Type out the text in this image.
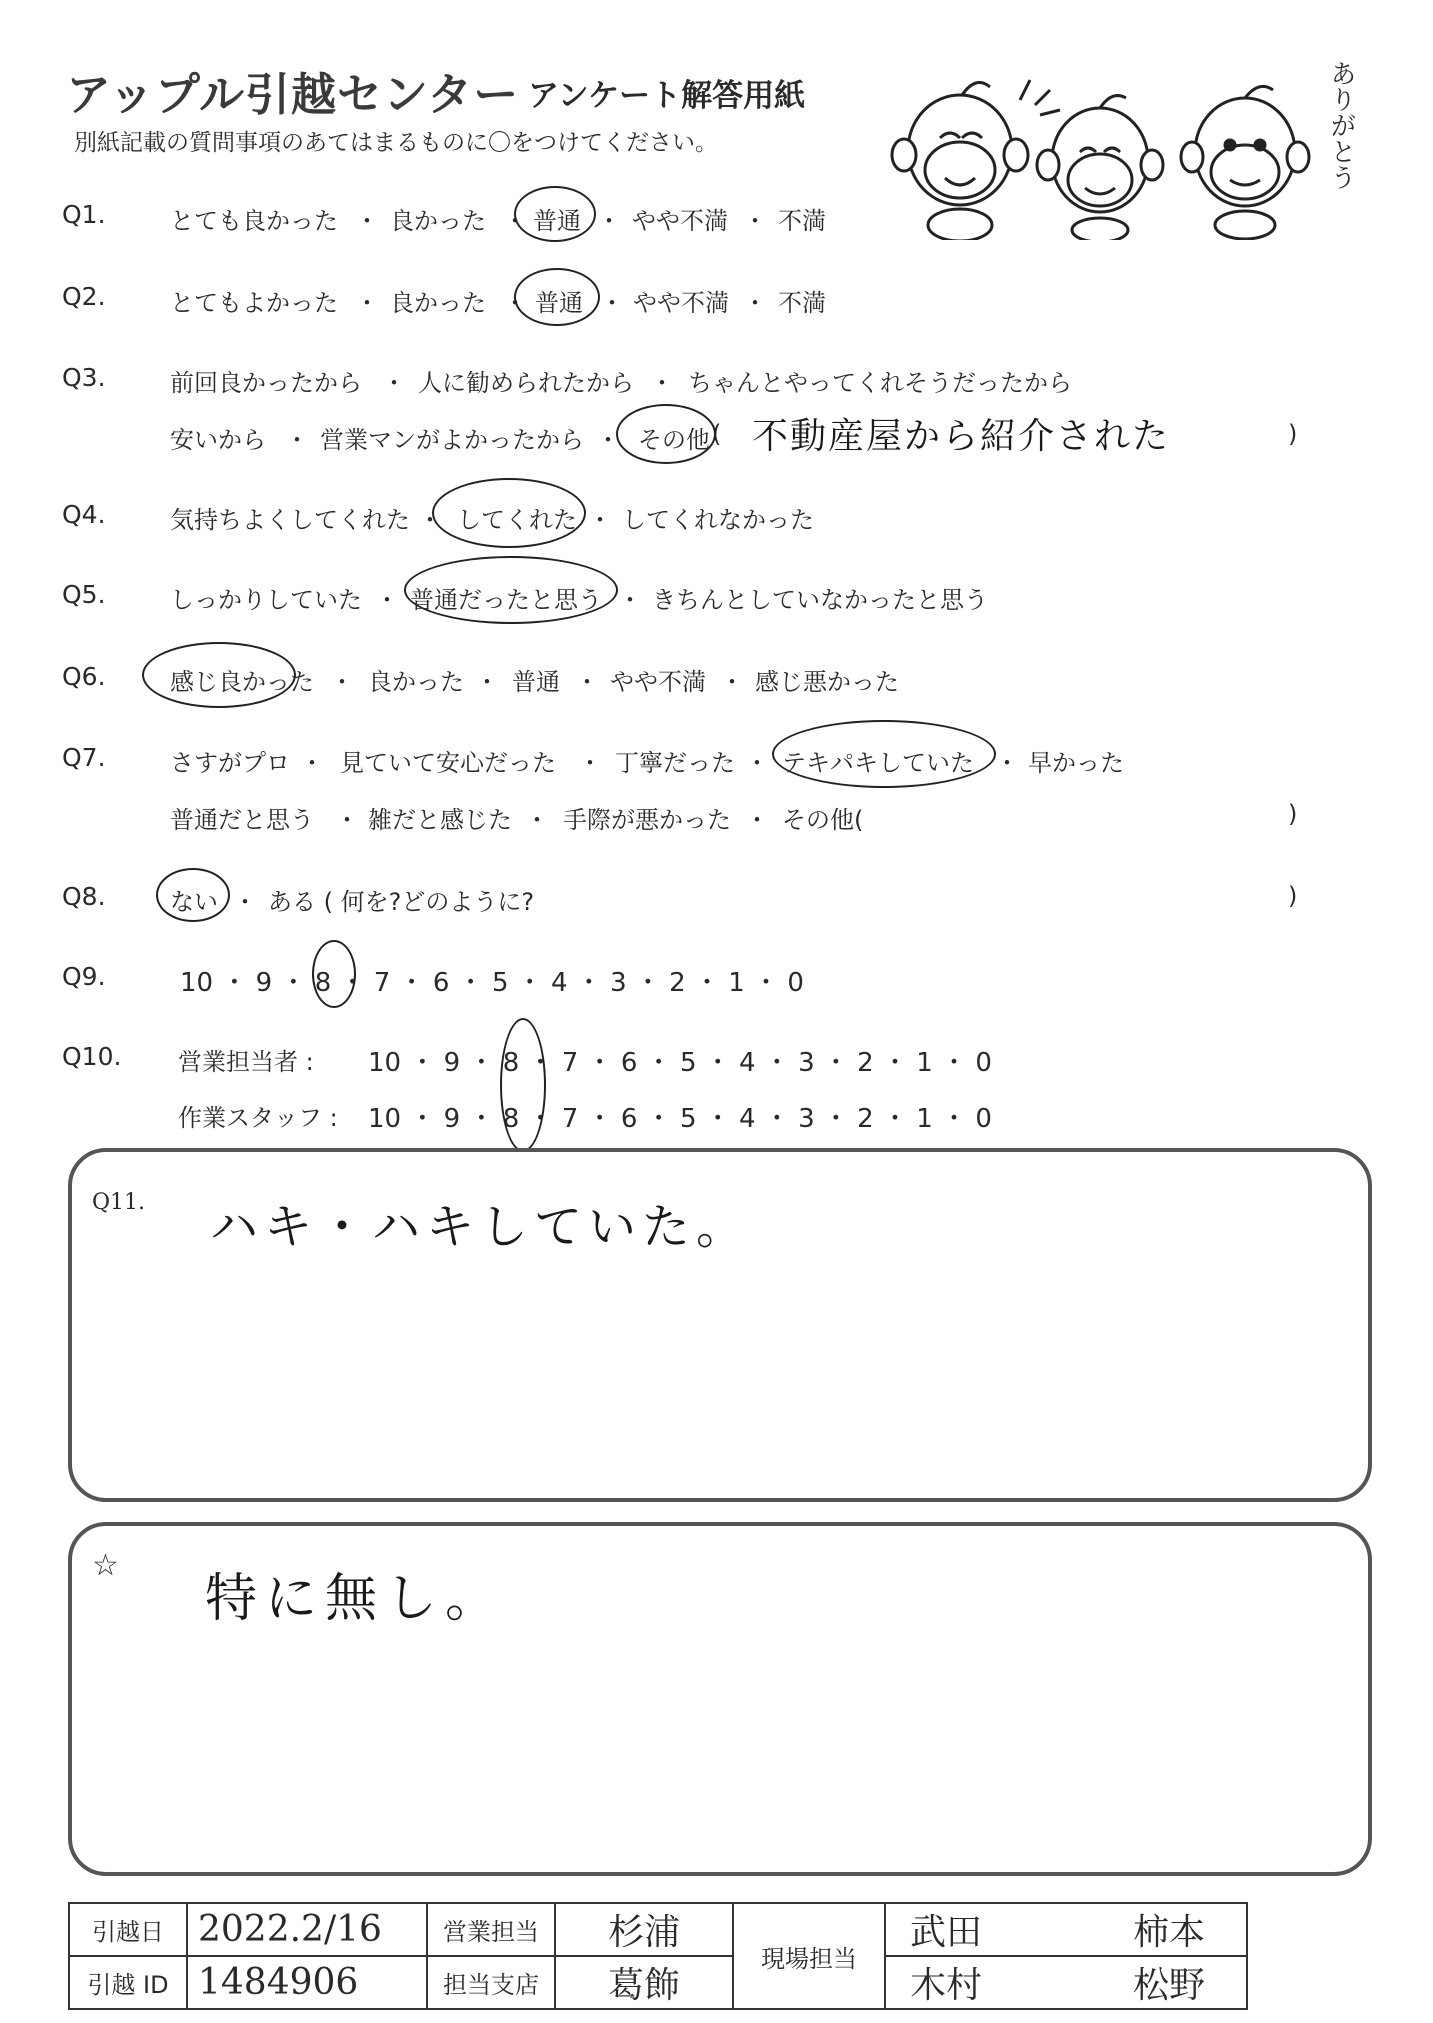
アップル引越センター アンケート解答用紙
別紙記載の質問事項のあてはまるものに〇をつけてください。	ありがとう
Q1.	とても良かった ・ 良かった ・ 普通 ・ やや不満 ・ 不満
Q2.	とてもよかった ・ 良かった ・ 普通 ・ やや不満 ・ 不満
Q3.	前回良かったから ・ 人に勧められたから ・ ちゃんとやってくれそうだったから
安いから ・ 営業マンがよかったから ・ その他 ( 不動産屋から紹介された	)
Q4.	気持ちよくしてくれた ・ してくれた ・ してくれなかった
Q5.	しっかりしていた ・ 普通だったと思う ・ きちんとしていなかったと思う
Q6.	感じ良かった ・ 良かった ・ 普通 ・ やや不満 ・ 感じ悪かった
Q7.	さすがプロ ・ 見ていて安心だった ・ 丁寧だった ・ テキパキしていた ・ 早かった
普通だと思う ・ 雑だと感じた ・ 手際が悪かった ・ その他(	)
Q8.	ない ・ ある ( 何を?どのように?	)
Q9.	10 ・ 9 ・ 8 ・ 7 ・ 6 ・ 5 ・ 4 ・ 3 ・ 2 ・ 1 ・ 0
Q10. 営業担当者 : 10 ・ 9 ・ 8 ・ 7 ・ 6 ・ 5 ・ 4 ・ 3 ・ 2 ・ 1 ・ 0
作業スタッフ : 10 ・ 9 ・ 8 ・ 7 ・ 6 ・ 5 ・ 4 ・ 3 ・ 2 ・ 1 ・ 0
Q11. ハキ・ハキしていた。
☆
特に無し。
引越日	2022.2/16	営業担当	杉浦	現場担当	武田	柿本
引越 ID	1484906	担当支店	葛飾		木村	松野
